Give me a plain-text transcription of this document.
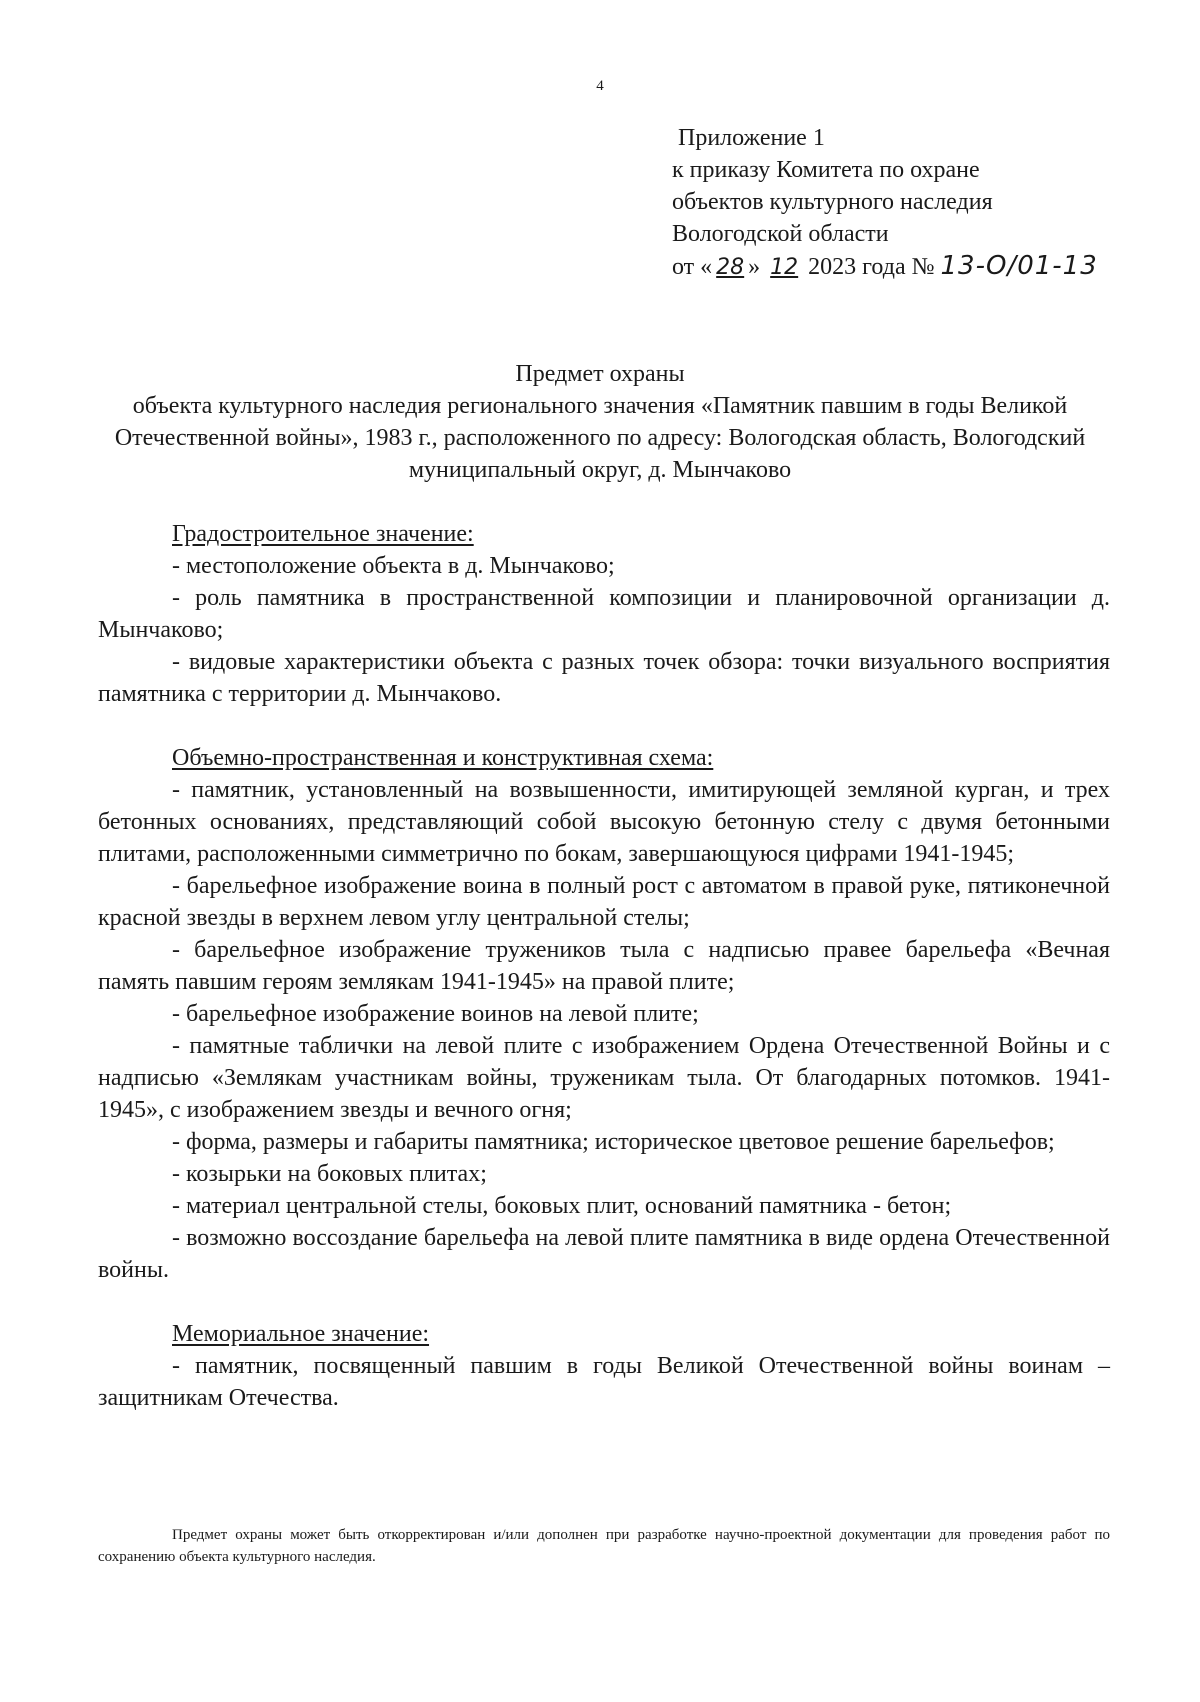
4
Приложение 1
к приказу Комитета по охране
объектов культурного наследия
Вологодской области
от « 28 » 12 2023 года № 13-О/01-13
Предмет охраны
объекта культурного наследия регионального значения «Памятник павшим в годы Великой Отечественной войны», 1983 г., расположенного по адресу: Вологодская область, Вологодский муниципальный округ, д. Мынчаково

Градостроительное значение:

- местоположение объекта в д. Мынчаково;

- роль памятника в пространственной композиции и планировочной организации д. Мынчаково;

- видовые характеристики объекта с разных точек обзора: точки визуального восприятия памятника с территории д. Мынчаково.

Объемно-пространственная и конструктивная схема:

- памятник, установленный на возвышенности, имитирующей земляной курган, и трех бетонных основаниях, представляющий собой высокую бетонную стелу с двумя бетонными плитами, расположенными симметрично по бокам, завершающуюся цифрами 1941-1945;

- барельефное изображение воина в полный рост с автоматом в правой руке, пятиконечной красной звезды в верхнем левом углу центральной стелы;

- барельефное изображение тружеников тыла с надписью правее барельефа «Вечная память павшим героям землякам 1941-1945» на правой плите;

- барельефное изображение воинов на левой плите;

- памятные таблички на левой плите с изображением Ордена Отечественной Войны и с надписью «Землякам участникам войны, труженикам тыла. От благодарных потомков. 1941-1945», с изображением звезды и вечного огня;

- форма, размеры и габариты памятника; историческое цветовое решение барельефов;

- козырьки на боковых плитах;

- материал центральной стелы, боковых плит, оснований памятника - бетон;

- возможно воссоздание барельефа на левой плите памятника в виде ордена Отечественной войны.

Мемориальное значение:

- памятник, посвященный павшим в годы Великой Отечественной войны воинам – защитникам Отечества.

Предмет охраны может быть откорректирован и/или дополнен при разработке научно-проектной документации для проведения работ по сохранению объекта культурного наследия.
